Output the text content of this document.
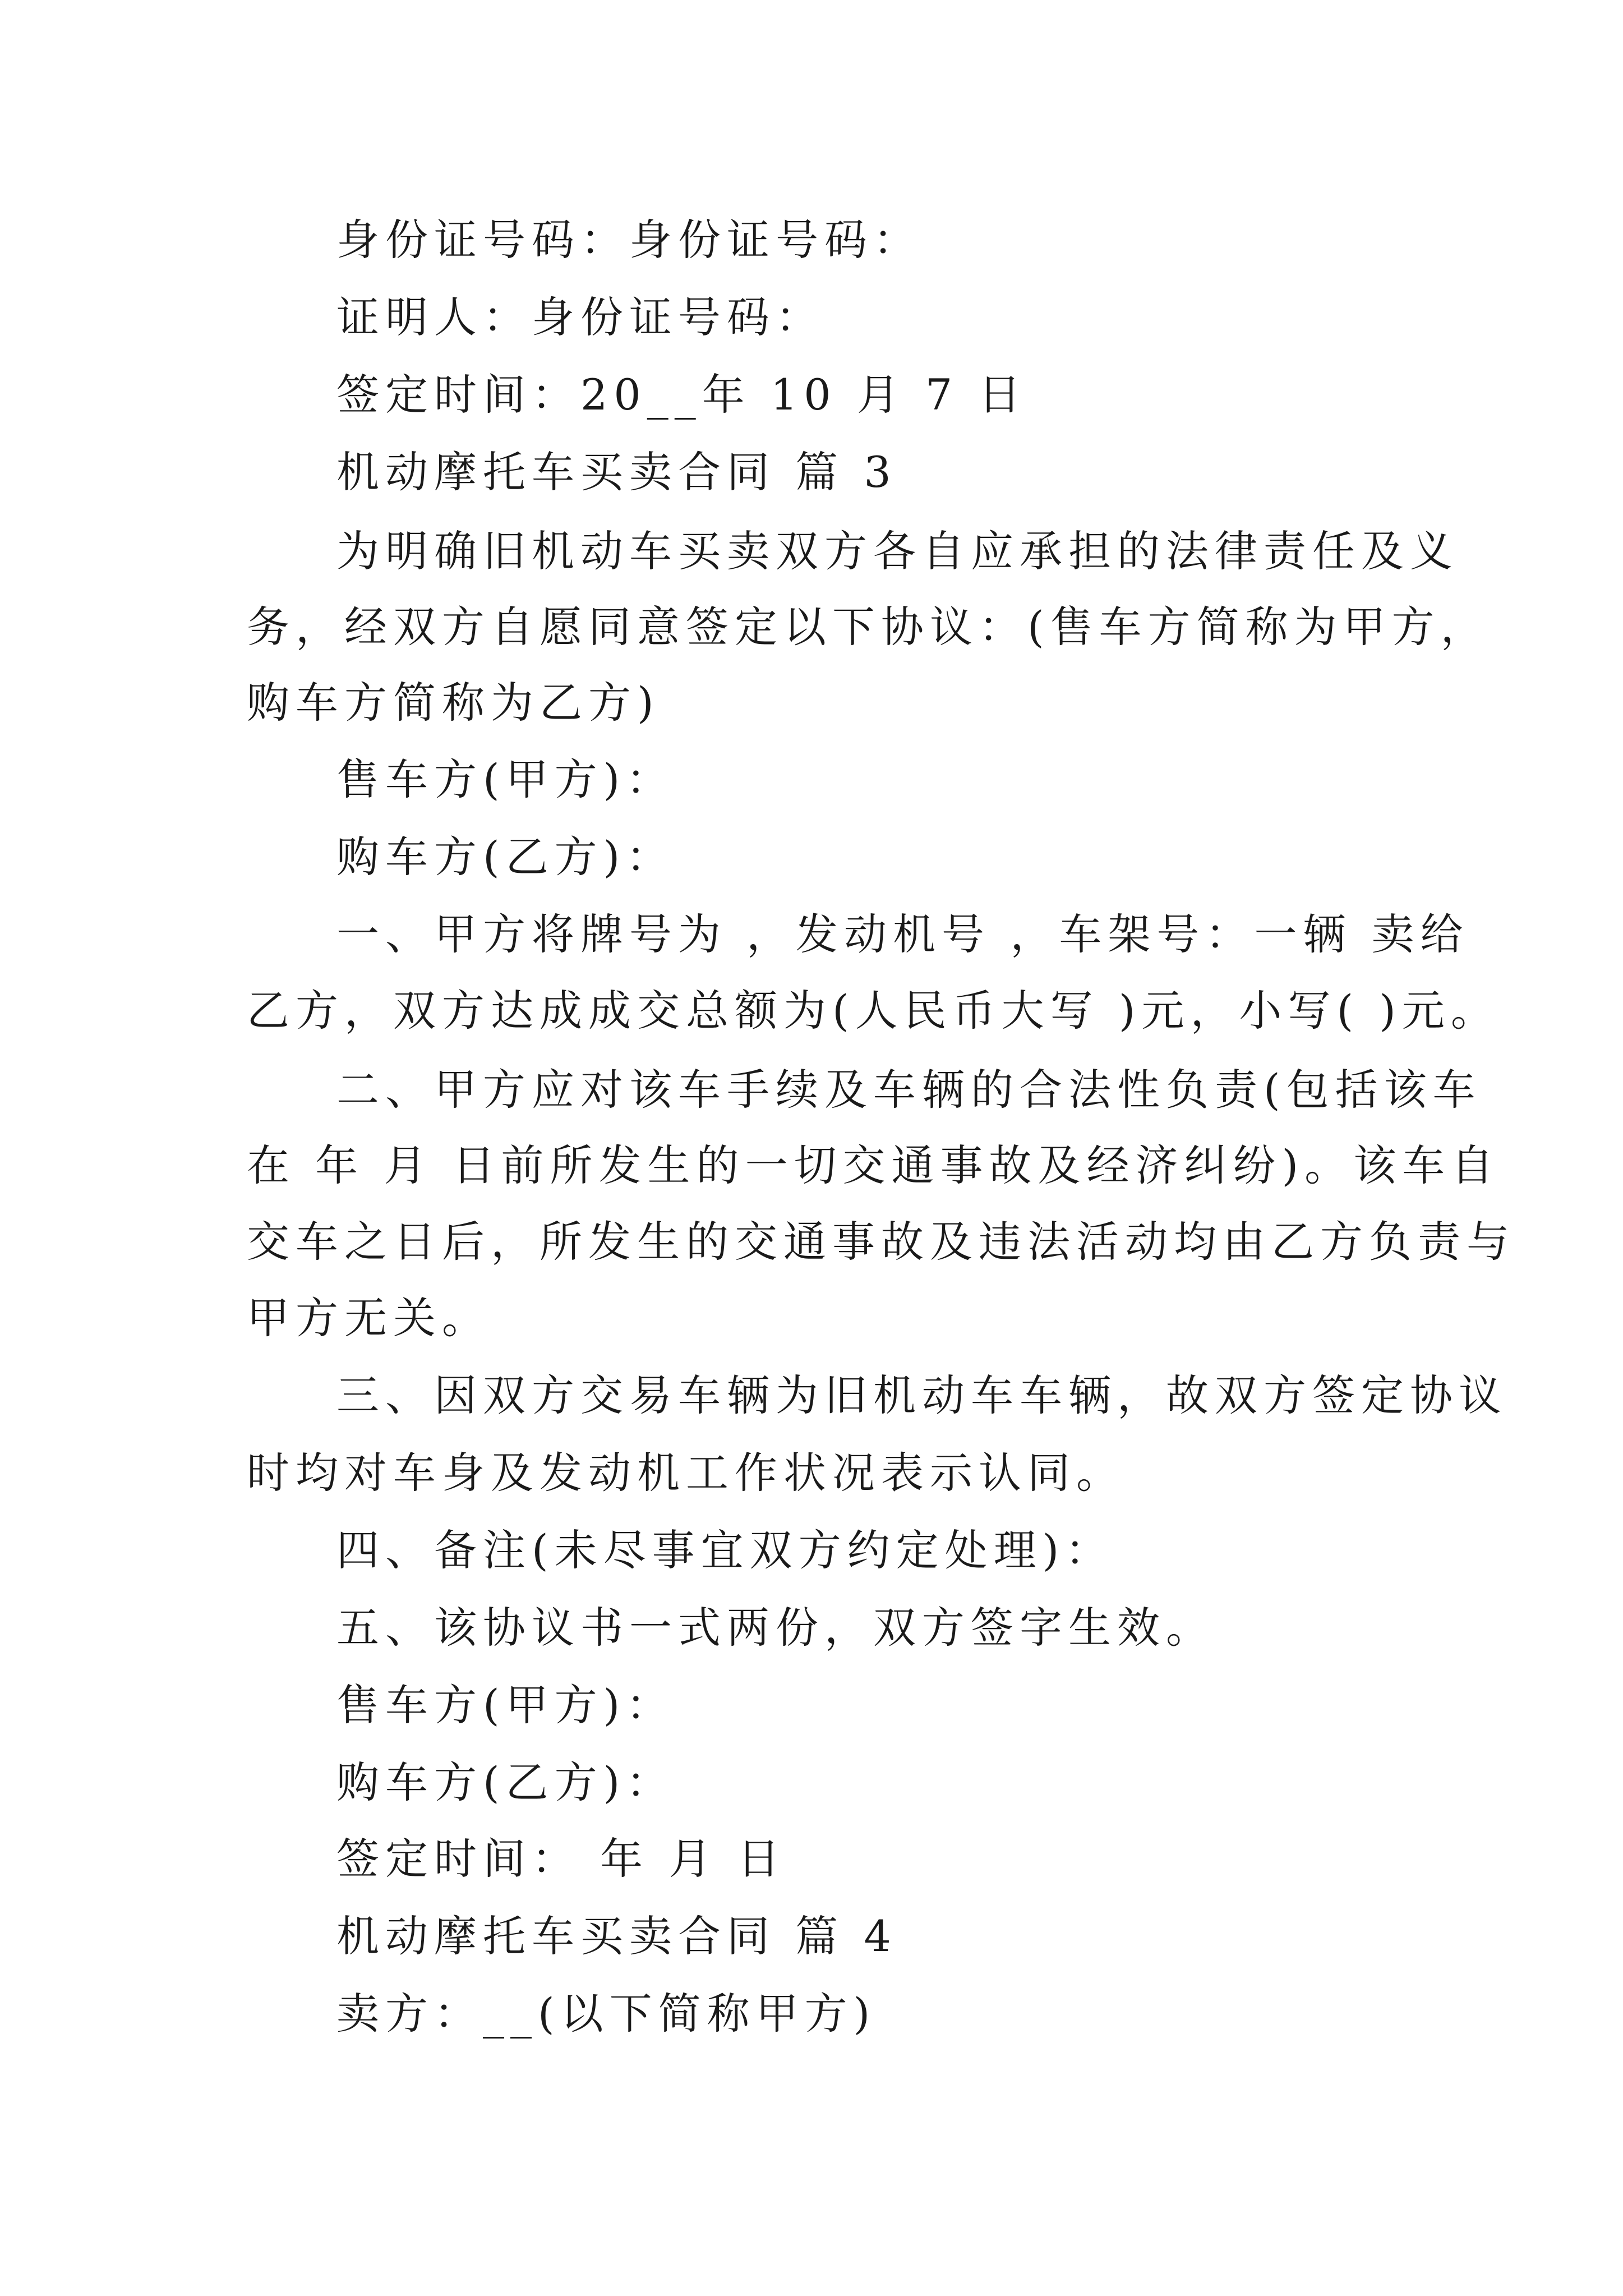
身份证号码：身份证号码：
证明人：身份证号码：
签定时间：20__年 10 月 7 日
机动摩托车买卖合同 篇 3
为明确旧机动车买卖双方各自应承担的法律责任及义
务，经双方自愿同意签定以下协议：(售车方简称为甲方，
购车方简称为乙方)
售车方(甲方)：
购车方(乙方)：
一、甲方将牌号为 ，发动机号 ，车架号：一辆 卖给
乙方，双方达成成交总额为(人民币大写 )元，小写( )元。
二、甲方应对该车手续及车辆的合法性负责(包括该车
在 年 月 日前所发生的一切交通事故及经济纠纷)。该车自
交车之日后，所发生的交通事故及违法活动均由乙方负责与
甲方无关。
三、因双方交易车辆为旧机动车车辆，故双方签定协议
时均对车身及发动机工作状况表示认同。
四、备注(未尽事宜双方约定处理)：
五、该协议书一式两份，双方签字生效。
售车方(甲方)：
购车方(乙方)：
签定时间： 年 月 日
机动摩托车买卖合同 篇 4
卖方：__(以下简称甲方)
